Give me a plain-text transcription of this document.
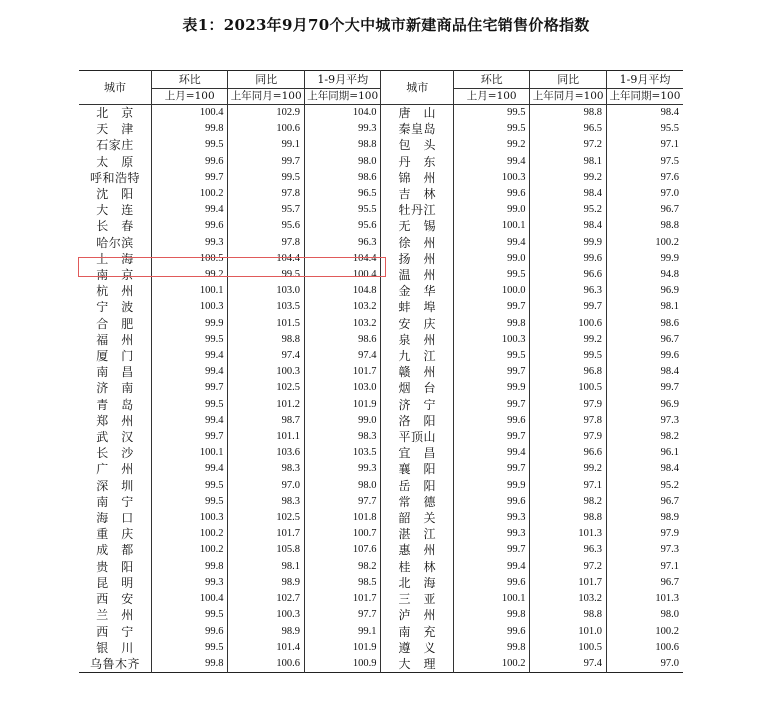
表1：2023年9月70个大中城市新建商品住宅销售价格指数
城市	环比	同比	1-9月平均	城市	环比	同比	1-9月平均
	上月=100	上年同月=100	上年同期=100		上月=100	上年同月=100	上年同期=100
北　京	100.4	102.9	104.0	唐　山	99.5	98.8	98.4
天　津	99.8	100.6	99.3	秦皇岛	99.5	96.5	95.5
石家庄	99.5	99.1	98.8	包　头	99.2	97.2	97.1
太　原	99.6	99.7	98.0	丹　东	99.4	98.1	97.5
呼和浩特	99.7	99.5	98.6	锦　州	100.3	99.2	97.6
沈　阳	100.2	97.8	96.5	吉　林	99.6	98.4	97.0
大　连	99.4	95.7	95.5	牡丹江	99.0	95.2	96.7
长　春	99.6	95.6	95.6	无　锡	100.1	98.4	98.8
哈尔滨	99.3	97.8	96.3	徐　州	99.4	99.9	100.2
上　海	100.5	104.4	104.4	扬　州	99.0	99.6	99.9
南　京	99.2	99.5	100.4	温　州	99.5	96.6	94.8
杭　州	100.1	103.0	104.8	金　华	100.0	96.3	96.9
宁　波	100.3	103.5	103.2	蚌　埠	99.7	99.7	98.1
合　肥	99.9	101.5	103.2	安　庆	99.8	100.6	98.6
福　州	99.5	98.8	98.6	泉　州	100.3	99.2	96.7
厦　门	99.4	97.4	97.4	九　江	99.5	99.5	99.6
南　昌	99.4	100.3	101.7	赣　州	99.7	96.8	98.4
济　南	99.7	102.5	103.0	烟　台	99.9	100.5	99.7
青　岛	99.5	101.2	101.9	济　宁	99.7	97.9	96.9
郑　州	99.4	98.7	99.0	洛　阳	99.6	97.8	97.3
武　汉	99.7	101.1	98.3	平顶山	99.7	97.9	98.2
长　沙	100.1	103.6	103.5	宜　昌	99.4	96.6	96.1
广　州	99.4	98.3	99.3	襄　阳	99.7	99.2	98.4
深　圳	99.5	97.0	98.0	岳　阳	99.9	97.1	95.2
南　宁	99.5	98.3	97.7	常　德	99.6	98.2	96.7
海　口	100.3	102.5	101.8	韶　关	99.3	98.8	98.9
重　庆	100.2	101.7	100.7	湛　江	99.3	101.3	97.9
成　都	100.2	105.8	107.6	惠　州	99.7	96.3	97.3
贵　阳	99.8	98.1	98.2	桂　林	99.4	97.2	97.1
昆　明	99.3	98.9	98.5	北　海	99.6	101.7	96.7
西　安	100.4	102.7	101.7	三　亚	100.1	103.2	101.3
兰　州	99.5	100.3	97.7	泸　州	99.8	98.8	98.0
西　宁	99.6	98.9	99.1	南　充	99.6	101.0	100.2
银　川	99.5	101.4	101.9	遵　义	99.8	100.5	100.6
乌鲁木齐	99.8	100.6	100.9	大　理	100.2	97.4	97.0
